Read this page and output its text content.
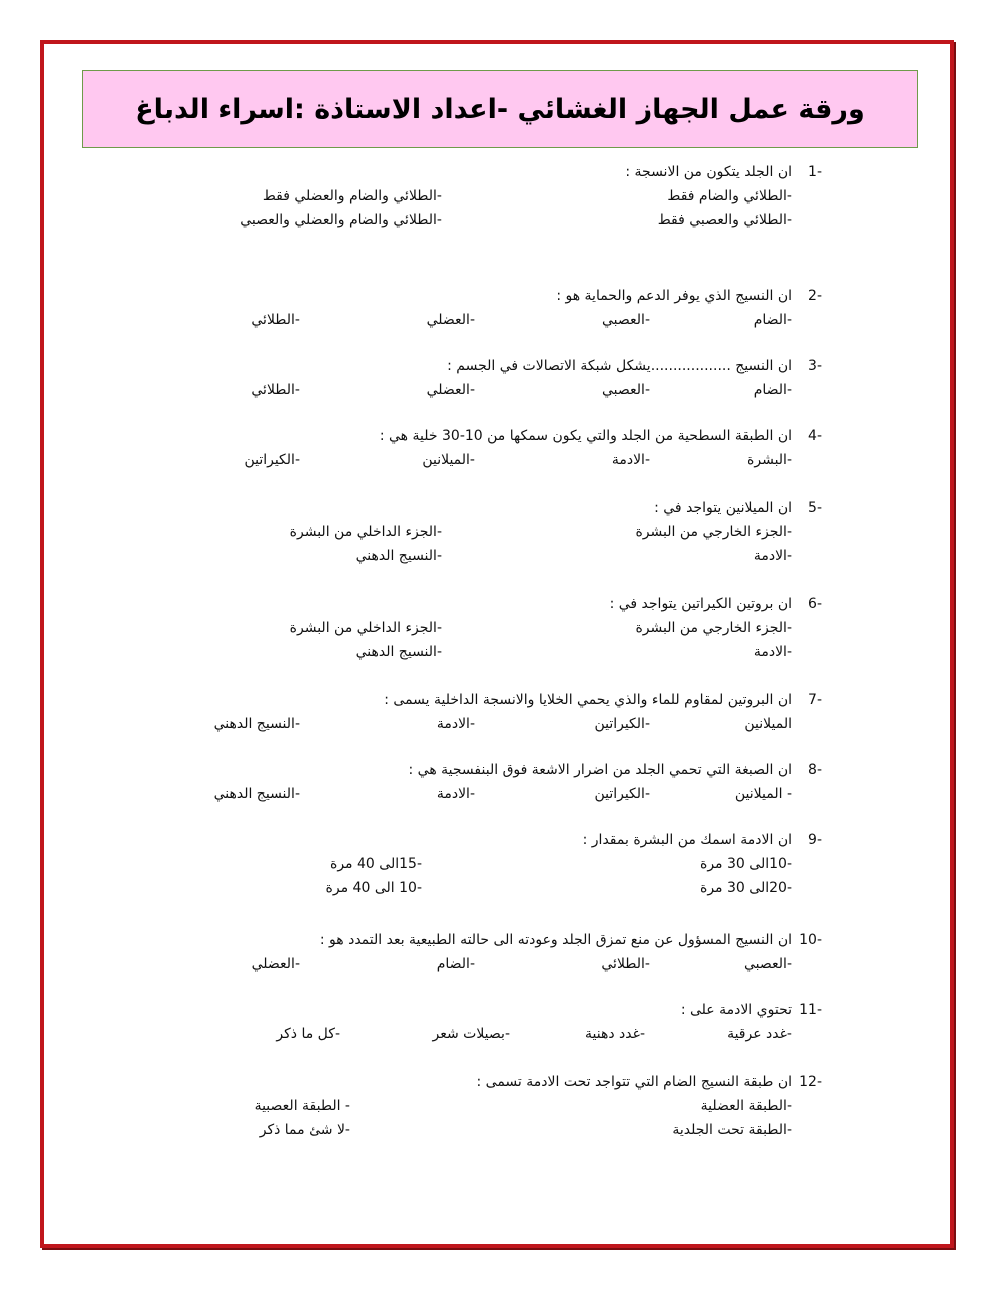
ورقة عمل الجهاز الغشائي -اعداد الاستاذة :اسراء الدباغ
-1
ان الجلد يتكون من الانسجة :
-الطلائي والضام فقط
-الطلائي والضام والعضلي فقط
-الطلائي والعصبي فقط
-الطلائي والضام والعضلي والعصبي
-2
ان النسيج الذي يوفر الدعم والحماية هو :
-الضام
-العصبي
-العضلي
-الطلائي
-3
ان النسيج ..................يشكل شبكة الاتصالات في الجسم :
-الضام
-العصبي
-العضلي
-الطلائي
-4
ان الطبقة السطحية من الجلد والتي يكون سمكها من 10-30 خلية هي :
-البشرة
-الادمة
-الميلانين
-الكيراتين
-5
ان الميلانين يتواجد في :
-الجزء الخارجي من البشرة
-الجزء الداخلي من البشرة
-الادمة
-النسيج الدهني
-6
ان بروتين الكيراتين يتواجد في :
-الجزء الخارجي من البشرة
-الجزء الداخلي من البشرة
-الادمة
-النسيج الدهني
-7
ان البروتين لمقاوم للماء والذي يحمي الخلايا والانسجة الداخلية يسمى :
الميلانين
-الكيراتين
-الادمة
-النسيج الدهني
-8
ان الصبغة التي تحمي الجلد من اضرار الاشعة فوق البنفسجية هي :
- الميلانين
-الكيراتين
-الادمة
-النسيج الدهني
-9
ان الادمة اسمك من البشرة بمقدار :
-10الى 30 مرة
-15الى 40 مرة
-20الى 30 مرة
-10 الى 40 مرة
-10
ان النسيج المسؤول عن منع تمزق الجلد وعودته الى حالته الطبيعية بعد التمدد هو :
-العصبي
-الطلائي
-الضام
-العضلي
-11
تحتوي الادمة على :
-غدد عرقية
-غدد دهنية
-بصيلات شعر
-كل ما ذكر
-12
ان طبقة النسيج الضام التي تتواجد تحت الادمة تسمى :
-الطبقة العضلية
- الطبقة العصبية
-الطبقة تحت الجلدية
-لا شئ مما ذكر
